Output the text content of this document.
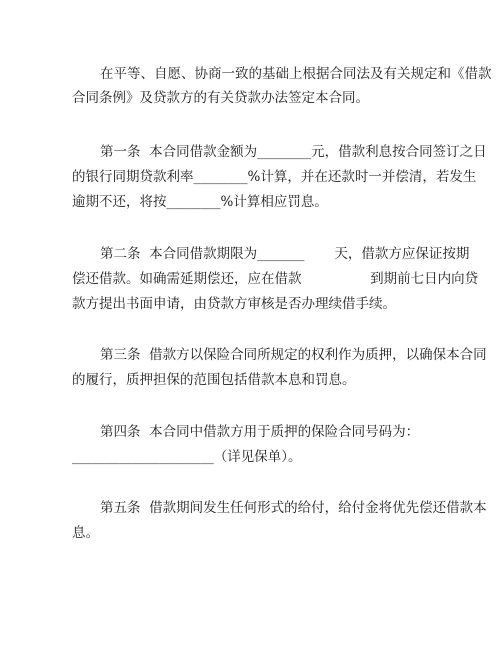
在平等、自愿、协商一致的基础上根据合同法及有关规定和《借款
合同条例》及贷款方的有关贷款办法签定本合同。
第一条  本合同借款金额为________元，借款利息按合同签订之日
的银行同期贷款利率________%计算，并在还款时一并偿清，若发生
逾期不还，将按________%计算相应罚息。
第二条  本合同借款期限为_______       天，借款方应保证按期
偿还借款。如确需延期偿还，应在借款                到期前七日内向贷
款方提出书面申请，由贷款方审核是否办理续借手续。
第三条  借款方以保险合同所规定的权利作为质押，以确保本合同
的履行，质押担保的范围包括借款本息和罚息。
第四条  本合同中借款方用于质押的保险合同号码为：
_____________________（详见保单）。
第五条  借款期间发生任何形式的给付，给付金将优先偿还借款本
息。
